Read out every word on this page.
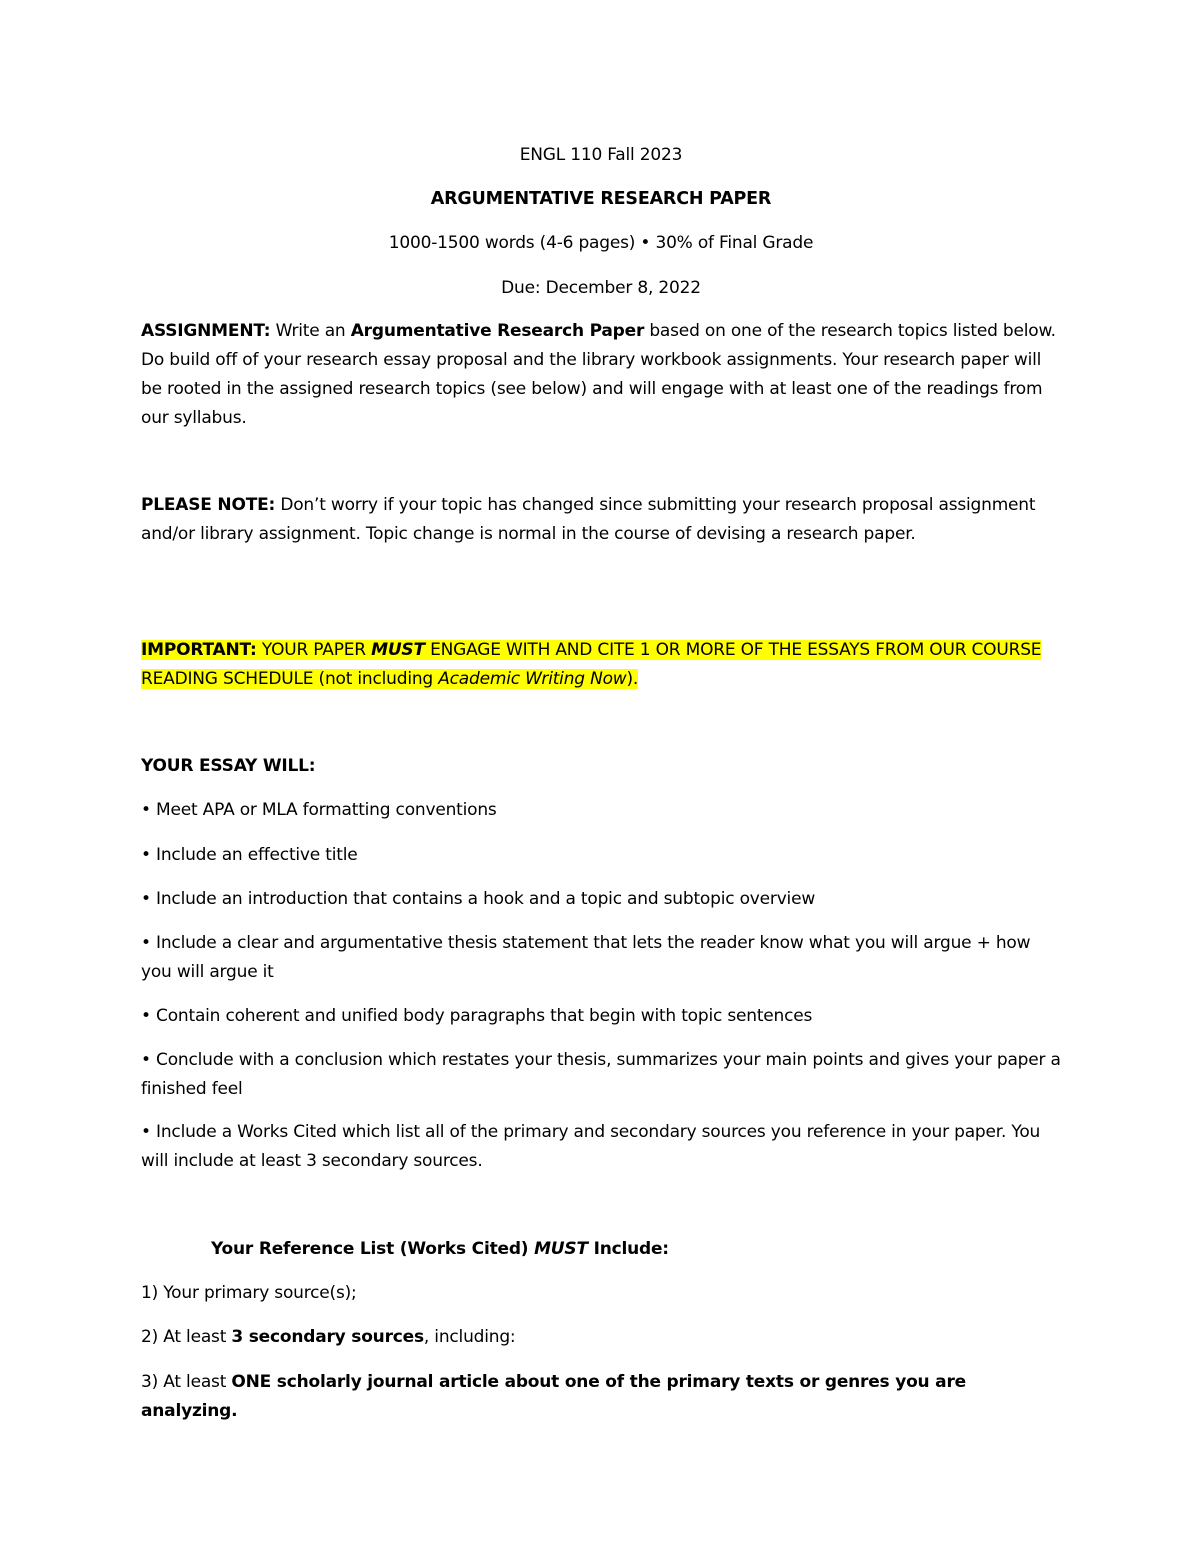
ENGL 110 Fall 2023

ARGUMENTATIVE RESEARCH PAPER

1000-1500 words (4-6 pages) • 30% of Final Grade

Due: December 8, 2022

ASSIGNMENT: Write an Argumentative Research Paper based on one of the research topics listed below. Do build off of your research essay proposal and the library workbook assignments. Your research paper will be rooted in the assigned research topics (see below) and will engage with at least one of the readings from our syllabus.

PLEASE NOTE: Don’t worry if your topic has changed since submitting your research proposal assignment and/or library assignment. Topic change is normal in the course of devising a research paper.

IMPORTANT: YOUR PAPER MUST ENGAGE WITH AND CITE 1 OR MORE OF THE ESSAYS FROM OUR COURSE READING SCHEDULE (not including Academic Writing Now).

YOUR ESSAY WILL:

• Meet APA or MLA formatting conventions

• Include an effective title

• Include an introduction that contains a hook and a topic and subtopic overview

• Include a clear and argumentative thesis statement that lets the reader know what you will argue + how you will argue it

• Contain coherent and unified body paragraphs that begin with topic sentences

• Conclude with a conclusion which restates your thesis, summarizes your main points and gives your paper a finished feel

• Include a Works Cited which list all of the primary and secondary sources you reference in your paper. You will include at least 3 secondary sources.

Your Reference List (Works Cited) MUST Include:

1) Your primary source(s);

2) At least 3 secondary sources, including:

3) At least ONE scholarly journal article about one of the primary texts or genres you are analyzing.
